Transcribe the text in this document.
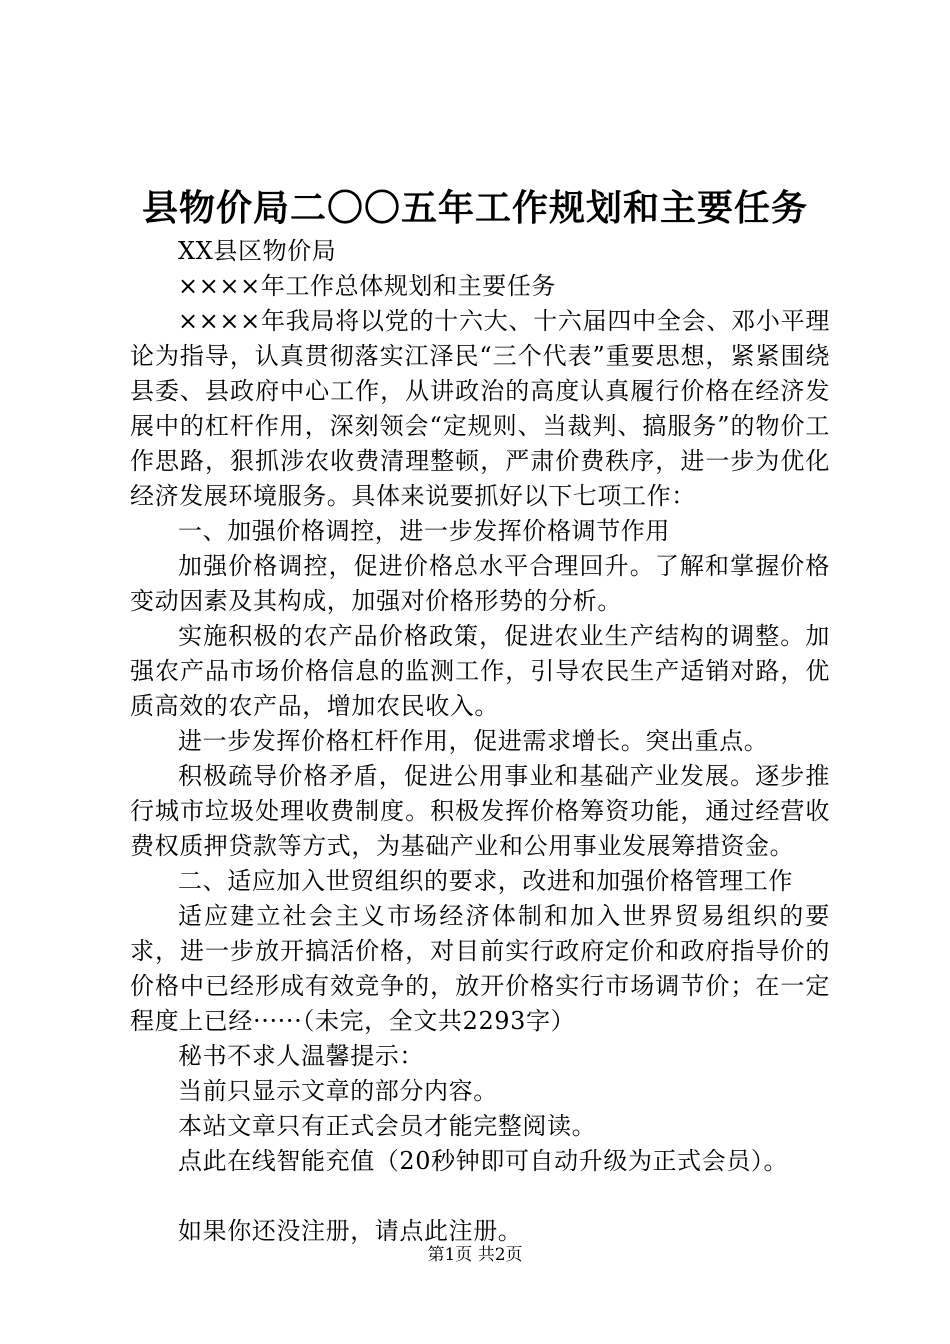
县物价局二〇〇五年工作规划和主要任务

XX县区物价局

××××年工作总体规划和主要任务

××××年我局将以党的十六大、十六届四中全会、邓小平理论为指导，认真贯彻落实江泽民“三个代表”重要思想，紧紧围绕县委、县政府中心工作，从讲政治的高度认真履行价格在经济发展中的杠杆作用，深刻领会“定规则、当裁判、搞服务”的物价工作思路，狠抓涉农收费清理整顿，严肃价费秩序，进一步为优化经济发展环境服务。具体来说要抓好以下七项工作：

一、加强价格调控，进一步发挥价格调节作用

加强价格调控，促进价格总水平合理回升。了解和掌握价格变动因素及其构成，加强对价格形势的分析。

实施积极的农产品价格政策，促进农业生产结构的调整。加强农产品市场价格信息的监测工作，引导农民生产适销对路，优质高效的农产品，增加农民收入。

进一步发挥价格杠杆作用，促进需求增长。突出重点。

积极疏导价格矛盾，促进公用事业和基础产业发展。逐步推行城市垃圾处理收费制度。积极发挥价格筹资功能，通过经营收费权质押贷款等方式，为基础产业和公用事业发展筹措资金。

二、适应加入世贸组织的要求，改进和加强价格管理工作

适应建立社会主义市场经济体制和加入世界贸易组织的要求，进一步放开搞活价格，对目前实行政府定价和政府指导价的价格中已经形成有效竞争的，放开价格实行市场调节价；在一定程度上已经······（未完，全文共2293字）

秘书不求人温馨提示：

当前只显示文章的部分内容。

本站文章只有正式会员才能完整阅读。

点此在线智能充值（20秒钟即可自动升级为正式会员）。

如果你还没注册，请点此注册。

第1页 共2页
